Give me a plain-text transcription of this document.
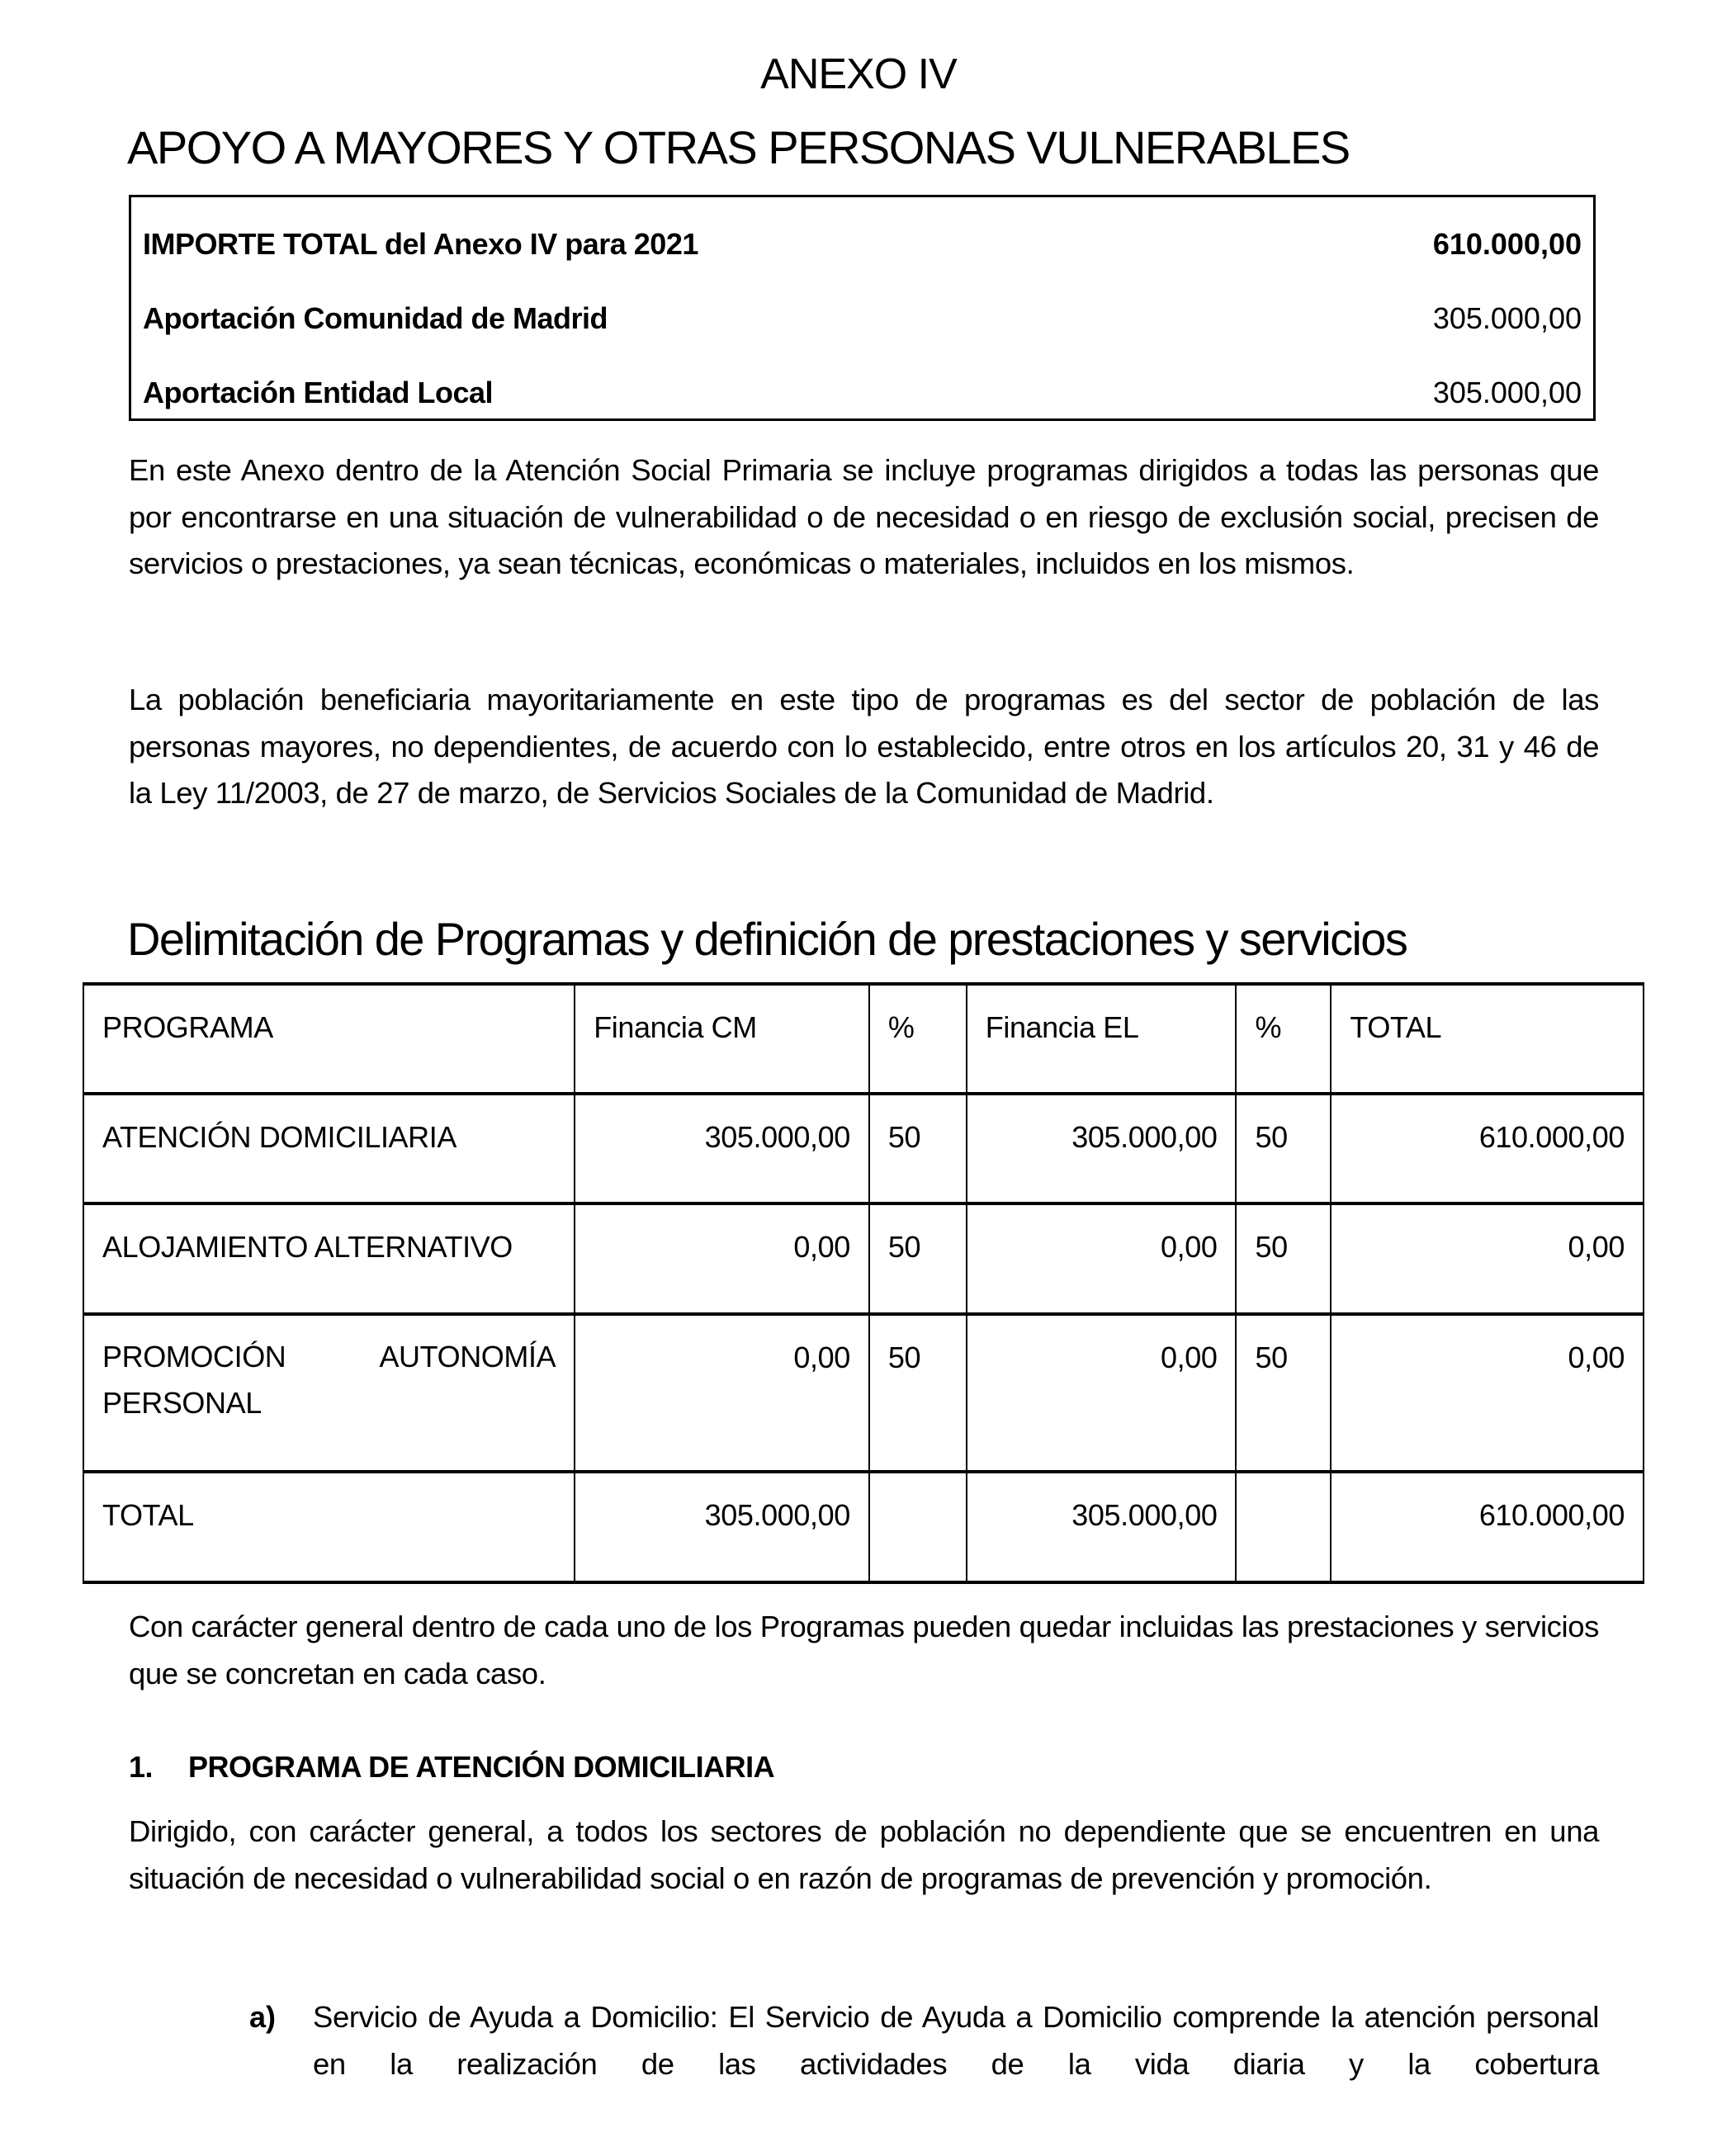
ANEXO IV
APOYO A MAYORES Y OTRAS PERSONAS VULNERABLES
IMPORTE TOTAL del Anexo IV para 2021	610.000,00
Aportación Comunidad de Madrid	305.000,00
Aportación Entidad Local	305.000,00

En este Anexo dentro de la Atención Social Primaria se incluye programas dirigidos a todas las personas que por encontrarse en una situación de vulnerabilidad o de necesidad o en riesgo de exclusión social, precisen de servicios o prestaciones, ya sean técnicas, económicas o materiales, incluidos en los mismos.

La población beneficiaria mayoritariamente en este tipo de programas es del sector de población de las personas mayores, no dependientes, de acuerdo con lo establecido, entre otros en los artículos 20, 31 y 46 de la Ley 11/2003, de 27 de marzo, de Servicios Sociales de la Comunidad de Madrid.

Delimitación de Programas y definición de prestaciones y servicios
PROGRAMA	Financia CM	%	Financia EL	%	TOTAL
ATENCIÓN DOMICILIARIA	305.000,00	50	305.000,00	50	610.000,00
ALOJAMIENTO ALTERNATIVO	0,00	50	0,00	50	0,00
PROMOCIÓN AUTONOMÍA PERSONAL	0,00	50	0,00	50	0,00
TOTAL	305.000,00		305.000,00		610.000,00

Con carácter general dentro de cada uno de los Programas pueden quedar incluidas las prestaciones y servicios que se concretan en cada caso.

1. PROGRAMA DE ATENCIÓN DOMICILIARIA

Dirigido, con carácter general, a todos los sectores de población no dependiente que se encuentren en una situación de necesidad o vulnerabilidad social o en razón de programas de prevención y promoción.

a) Servicio de Ayuda a Domicilio: El Servicio de Ayuda a Domicilio comprende la atención personal en la realización de las actividades de la vida diaria y la cobertura
